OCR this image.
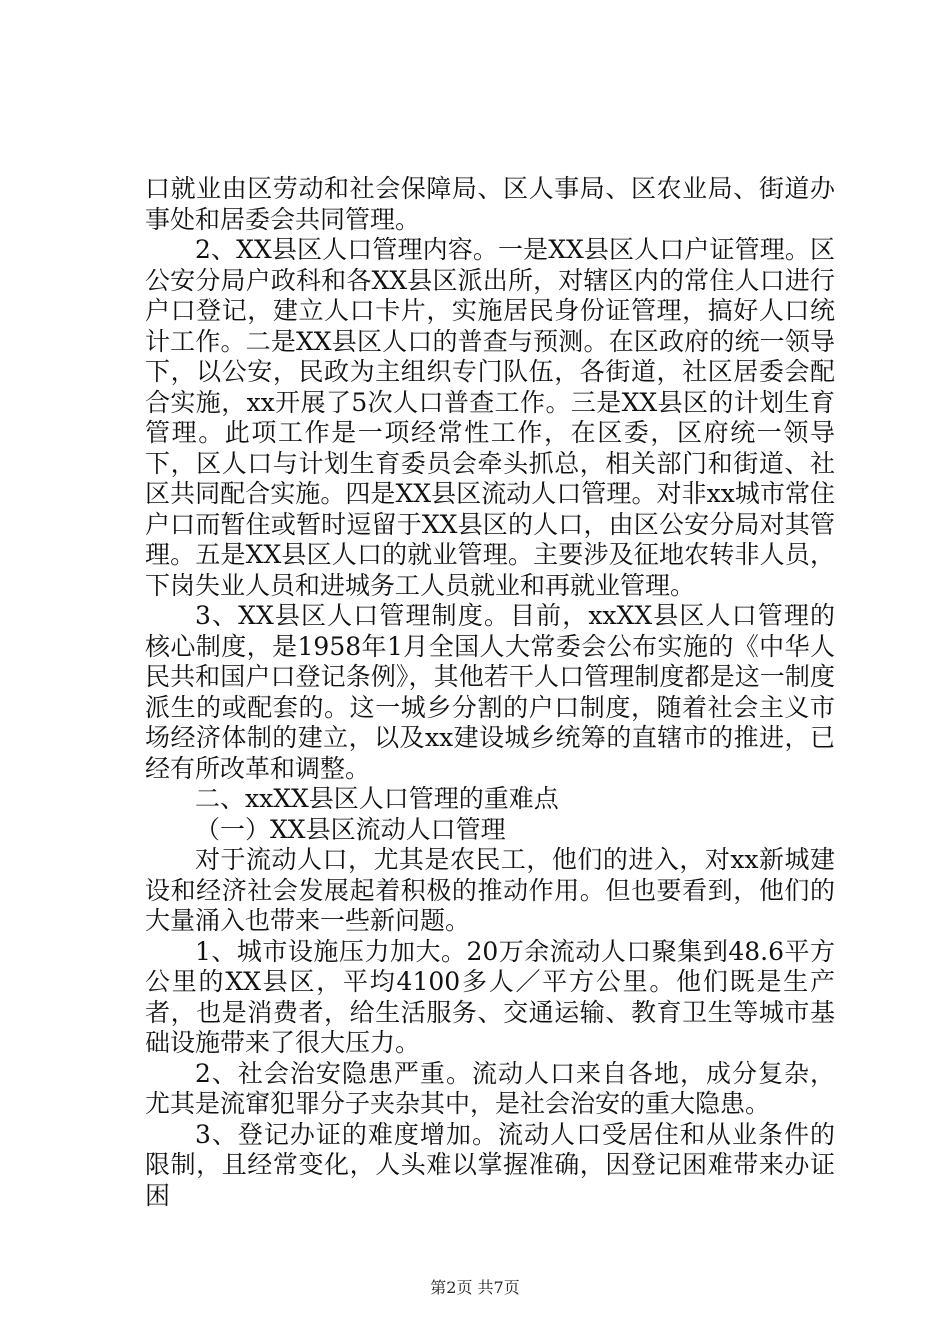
口就业由区劳动和社会保障局、区人事局、区农业局、街道办事处和居委会共同管理。

2、XX县区人口管理内容。一是XX县区人口户证管理。区公安分局户政科和各XX县区派出所，对辖区内的常住人口进行户口登记，建立人口卡片，实施居民身份证管理，搞好人口统计工作。二是XX县区人口的普查与预测。在区政府的统一领导下，以公安，民政为主组织专门队伍，各街道，社区居委会配合实施，xx开展了5次人口普查工作。三是XX县区的计划生育管理。此项工作是一项经常性工作，在区委，区府统一领导下，区人口与计划生育委员会牵头抓总，相关部门和街道、社区共同配合实施。四是XX县区流动人口管理。对非xx城市常住户口而暂住或暂时逗留于XX县区的人口，由区公安分局对其管理。五是XX县区人口的就业管理。主要涉及征地农转非人员，下岗失业人员和进城务工人员就业和再就业管理。

3、XX县区人口管理制度。目前，xxXX县区人口管理的核心制度，是1958年1月全国人大常委会公布实施的《中华人民共和国户口登记条例》，其他若干人口管理制度都是这一制度派生的或配套的。这一城乡分割的户口制度，随着社会主义市场经济体制的建立，以及xx建设城乡统筹的直辖市的推进，已经有所改革和调整。

二、xxXX县区人口管理的重难点

（一）XX县区流动人口管理

对于流动人口，尤其是农民工，他们的进入，对xx新城建设和经济社会发展起着积极的推动作用。但也要看到，他们的大量涌入也带来一些新问题。

1、城市设施压力加大。20万余流动人口聚集到48.6平方公里的XX县区，平均4100多人／平方公里。他们既是生产者，也是消费者，给生活服务、交通运输、教育卫生等城市基础设施带来了很大压力。

2、社会治安隐患严重。流动人口来自各地，成分复杂，尤其是流窜犯罪分子夹杂其中，是社会治安的重大隐患。

3、登记办证的难度增加。流动人口受居住和从业条件的限制，且经常变化，人头难以掌握准确，因登记困难带来办证困

第2页 共7页
